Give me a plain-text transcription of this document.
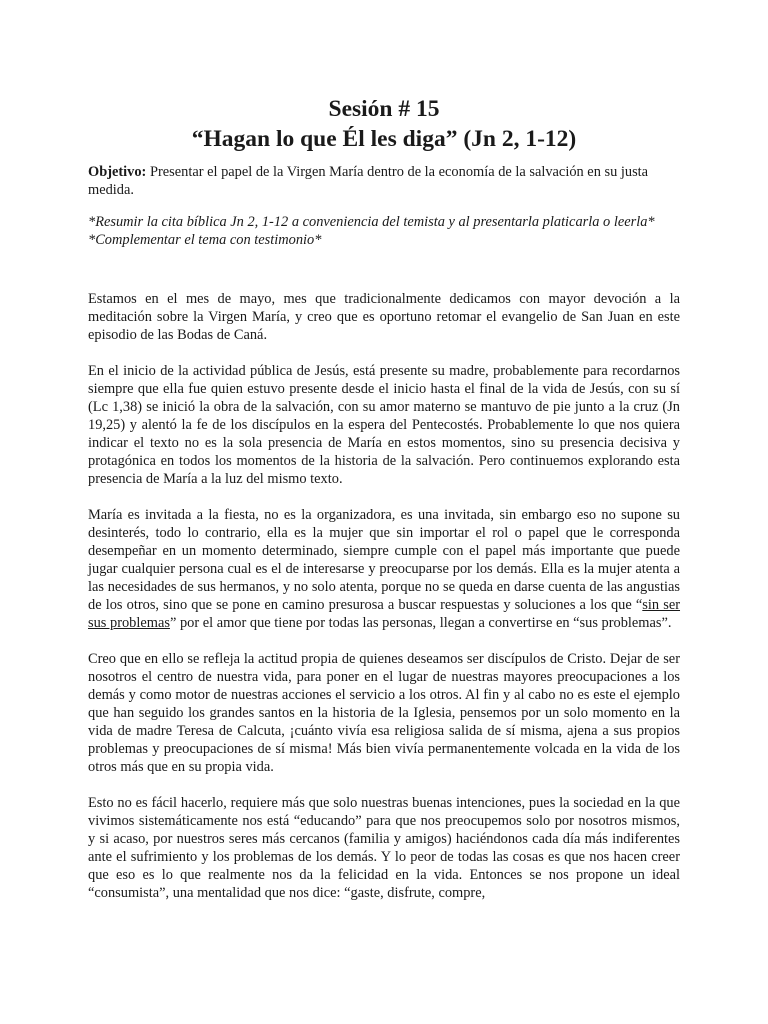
Sesión # 15
“Hagan lo que Él les diga” (Jn 2, 1-12)

Objetivo: Presentar el papel de la Virgen María dentro de la economía de la salvación en su justa medida.

*Resumir la cita bíblica Jn 2, 1-12 a conveniencia del temista y al presentarla platicarla o leerla*
*Complementar el tema con testimonio*

Estamos en el mes de mayo, mes que tradicionalmente dedicamos con mayor devoción a la meditación sobre la Virgen María, y creo que es oportuno retomar el evangelio de San Juan en este episodio de las Bodas de Caná.

En el inicio de la actividad pública de Jesús, está presente su madre, probablemente para recordarnos siempre que ella fue quien estuvo presente desde el inicio hasta el final de la vida de Jesús, con su sí (Lc 1,38) se inició la obra de la salvación, con su amor materno se mantuvo de pie junto a la cruz (Jn 19,25) y alentó la fe de los discípulos en la espera del Pentecostés. Probablemente lo que nos quiera indicar el texto no es la sola presencia de María en estos momentos, sino su presencia decisiva y protagónica en todos los momentos de la historia de la salvación. Pero continuemos explorando esta presencia de María a la luz del mismo texto.

María es invitada a la fiesta, no es la organizadora, es una invitada, sin embargo eso no supone su desinterés, todo lo contrario, ella es la mujer que sin importar el rol o papel que le corresponda desempeñar en un momento determinado, siempre cumple con el papel más importante que puede jugar cualquier persona cual es el de interesarse y preocuparse por los demás. Ella es la mujer atenta a las necesidades de sus hermanos, y no solo atenta, porque no se queda en darse cuenta de las angustias de los otros, sino que se pone en camino presurosa a buscar respuestas y soluciones a los que “sin ser sus problemas” por el amor que tiene por todas las personas, llegan a convertirse en “sus problemas”.

Creo que en ello se refleja la actitud propia de quienes deseamos ser discípulos de Cristo. Dejar de ser nosotros el centro de nuestra vida, para poner en el lugar de nuestras mayores preocupaciones a los demás y como motor de nuestras acciones el servicio a los otros. Al fin y al cabo no es este el ejemplo que han seguido los grandes santos en la historia de la Iglesia, pensemos por un solo momento en la vida de madre Teresa de Calcuta, ¡cuánto vivía esa religiosa salida de sí misma, ajena a sus propios problemas y preocupaciones de sí misma! Más bien vivía permanentemente volcada en la vida de los otros más que en su propia vida.

Esto no es fácil hacerlo, requiere más que solo nuestras buenas intenciones, pues la sociedad en la que vivimos sistemáticamente nos está “educando” para que nos preocupemos solo por nosotros mismos, y si acaso, por nuestros seres más cercanos (familia y amigos) haciéndonos cada día más indiferentes ante el sufrimiento y los problemas de los demás. Y lo peor de todas las cosas es que nos hacen creer que eso es lo que realmente nos da la felicidad en la vida. Entonces se nos propone un ideal “consumista”, una mentalidad que nos dice: “gaste, disfrute, compre,
